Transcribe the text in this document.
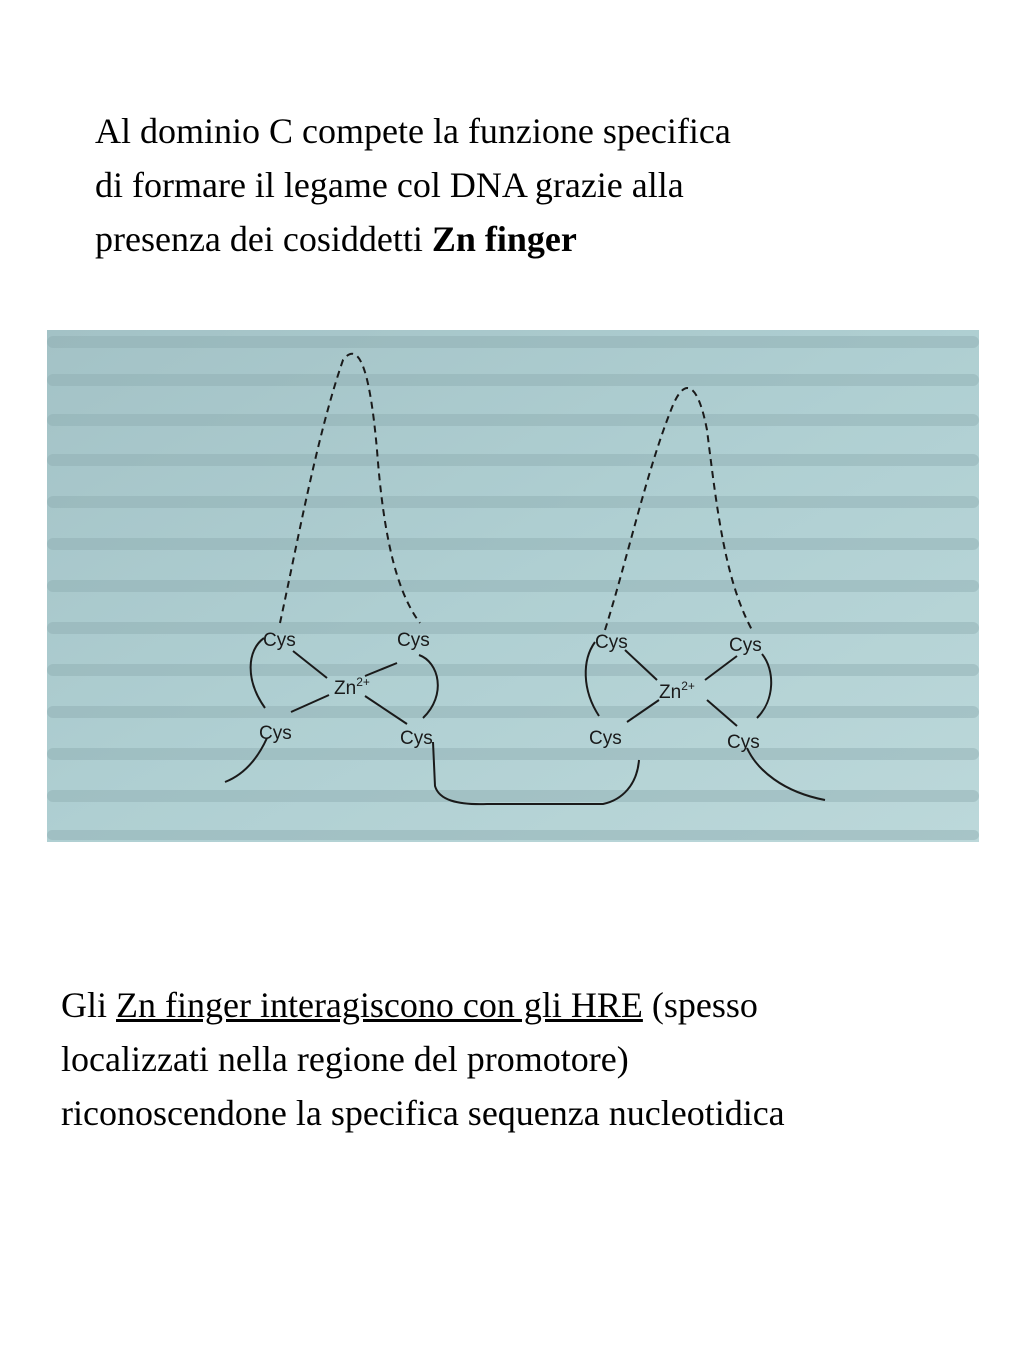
Al dominio C compete la funzione specifica
di formare il legame col DNA grazie alla
presenza dei cosiddetti Zn finger
Cys	Cys
Cys	Cys
$Zn^{2+}$
Cys	Cys
Cys	Cys
$Zn^{2+}$
Gli Zn finger interagiscono con gli HRE (spesso
localizzati nella regione del promotore)
riconoscendone la specifica sequenza nucleotidica
